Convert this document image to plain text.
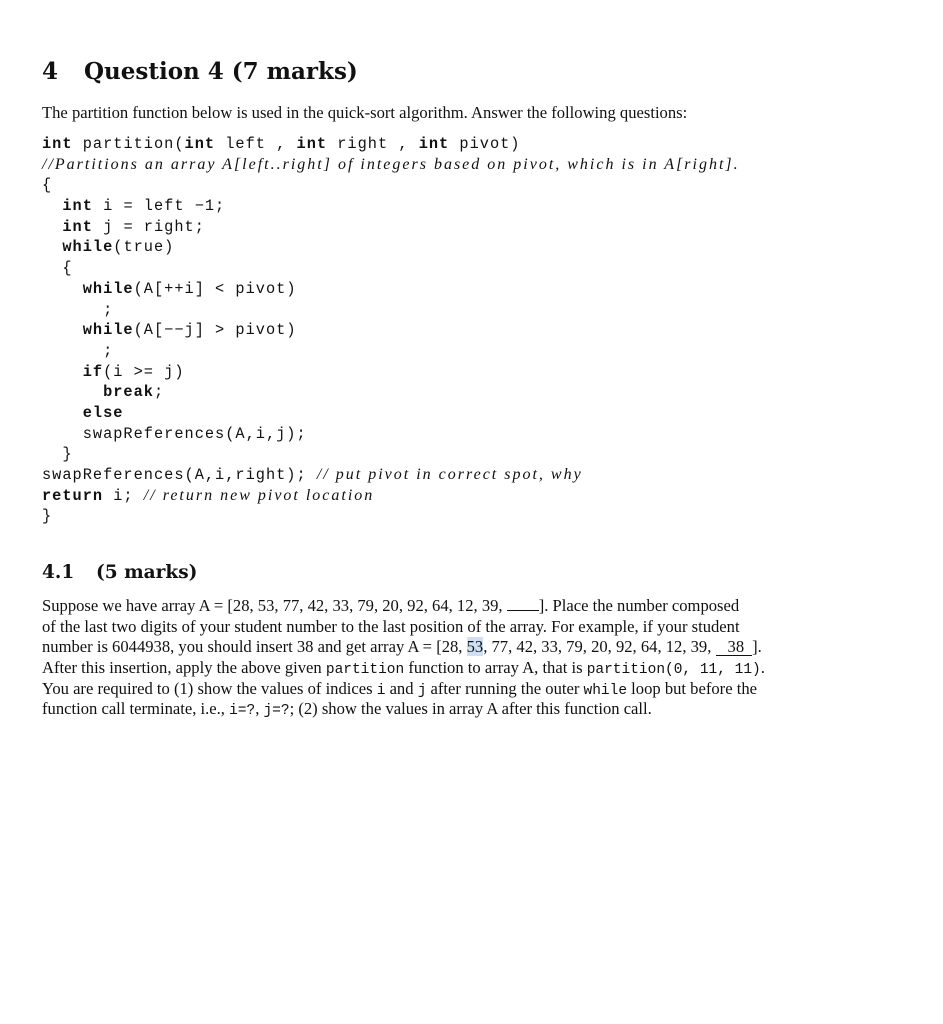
4 Question 4 (7 marks)
The partition function below is used in the quick-sort algorithm. Answer the following questions:
int partition(int left , int right , int pivot)
//Partitions an array A[left..right] of integers based on pivot, which is in A[right].
{
int i = left −1;
int j = right;
while(true)
{
while(A[++i] < pivot)
;
while(A[−−j] > pivot)
;
if(i >= j)
break;
else
swapReferences(A,i,j);
}
swapReferences(A,i,right); // put pivot in correct spot, why
return i; // return new pivot location
}
4.1 (5 marks)
Suppose we have array A = [28, 53, 77, 42, 33, 79, 20, 92, 64, 12, 39, ]. Place the number composed
of the last two digits of your student number to the last position of the array. For example, if your student
number is 6044938, you should insert 38 and get array A = [28, 53, 77, 42, 33, 79, 20, 92, 64, 12, 39, 38 ].
After this insertion, apply the above given partition function to array A, that is partition(0, 11, 11).
You are required to (1) show the values of indices i and j after running the outer while loop but before the
function call terminate, i.e., i=?, j=?; (2) show the values in array A after this function call.
